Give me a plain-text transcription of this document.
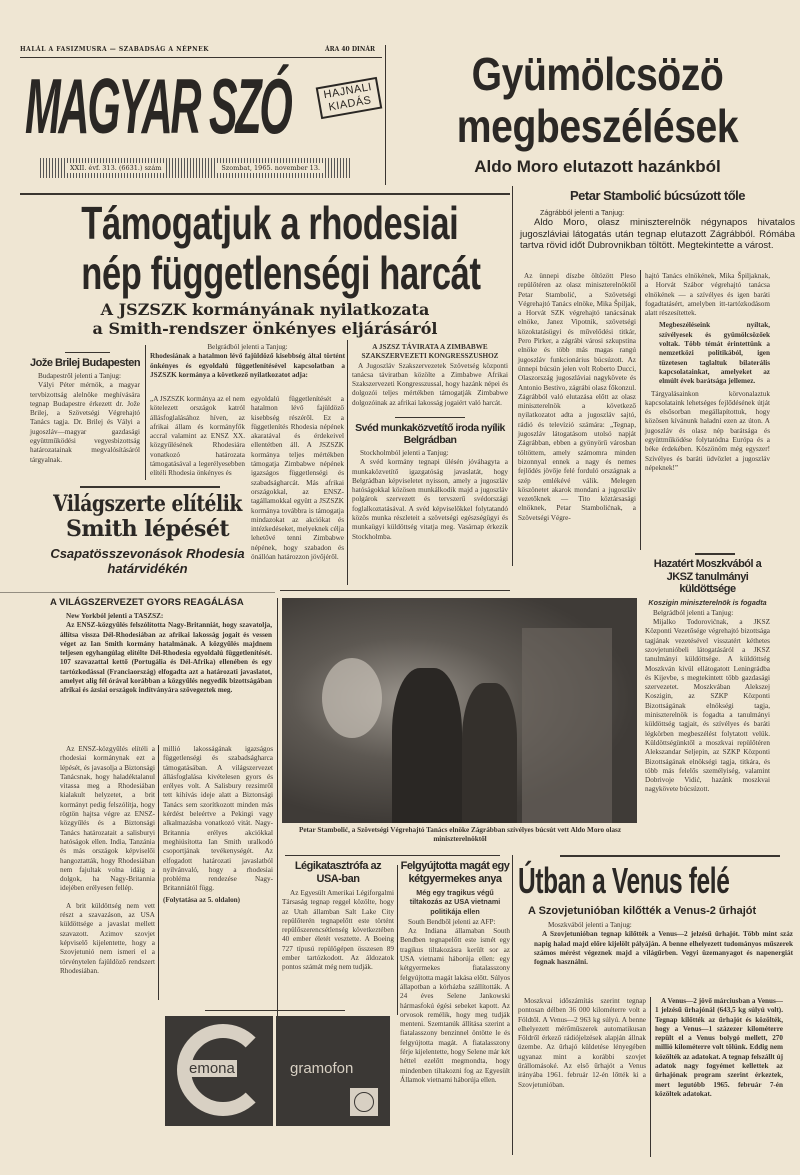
HALÁL A FASIZMUSRA — SZABADSÁG A NÉPNEK	ÁRA 40 DINÁR
MAGYAR SZÓ	HAJNALI KIADÁS
XXII. évf. 313. (6631.) szám	Szombat, 1965. november 13.
Gyümölcsözö
megbeszélések
Aldo Moro elutazott hazánkból
Támogatjuk a rhodesiai
nép függetlenségi harcát
A JSZSZK kormányának nyilatkozata
a Smith-rendszer önkényes eljárásáról
Jože Brilej Budapesten
Budapestről jelenti a Tanjug:
Vályi Péter mérnök, a magyar tervbizottság alelnöke meghívására tegnap Budapestre érkezett dr. Jože Brilej, a Szövetségi Végrehajtó Tanács tagja. Dr. Brilej és Vályi a jugoszláv—magyar gazdasági együttműködési vegyesbizottság határozatainak megvalósításáról tárgyalnak.
Belgrádból jelenti a Tanjug:
Rhodesiának a hatalmon lévő fajüldöző kisebbség által történt önkényes és egyoldalú függetlenítésével kapcsolatban a JSZSZK kormánya a következő nyilatkozatot adja:
„A JSZSZK kormánya az el nem kötelezett országok katról állásfoglalásához híven, az afrikai állam és kormányfők accral valamint az ENSZ XX. közgyűlésének Rhodesiára vonatkozó határozata támogatásával a legerélyesebben elítéli Rhodesia önkényes és
egyoldalú függetlenítését a hatalmon lévő fajüldöző kisebbség részéről. Ez a függetlenítés Rhodesia népének akaratával és érdekeivel ellentétben áll. A JSZSZK kormánya teljes mértékben támogatja Zimbabwe népének igazságos függetlenségi és szabadságharcát. Más afrikai országokkal, az ENSZ-tagállamokkal együtt a JSZSZK kormánya továbbra is támogatja mindazokat az akciókat és intézkedéseket, melyeknek célja lehetővé tenni Zimbabwe népének, hogy szabadon és önállóan határozzon jövőjéről.
A JSZSZ TÁVIRATA A ZIMBABWE SZAKSZERVEZETI KONGRESSZUSHOZ
A Jugoszláv Szakszervezetek Szövetség központi tanácsa táviratban közölte a Zimbabwe Afrikai Szakszervezeti Kongresszussal, hogy hazánk népei és dolgozói teljes mértékben támogatják Zimbabwe dolgozóinak az afrikai lakosság jogaiért való harcát.
Svéd munkaközvetítő iroda nyílik Belgrádban
Stockholmból jelenti a Tanjug:
A svéd kormány tegnapi ülésén jóváhagyta a munkaközvetítő igazgatóság javaslatát, hogy Belgrádban képviseletet nyisson, amely a jugoszláv hatóságokkal közösen munkálkodik majd a jugoszláv polgárok szervezett és tervszerű svédországi foglalkoztatásával. A svéd képviselőkkel folytatandó közös munka részleteit a szövetségi egészségügyi és munkaügyi küldöttség vitatja meg. Vasárnap érkezik Stockholmba.
Petar Stambolić búcsúzott tőle
Zágrábból jelenti a Tanjug:
Aldo Moro, olasz miniszterelnök négynapos hivatalos jugoszláviai látogatás után tegnap elutazott Zágrábból. Rómába tartva rövid időt Dubrovnikban töltött. Megtekintette a várost.
Az ünnepi díszbe öltözött Pleso repülőtéren az olasz miniszterelnöktől Petar Stambolić, a Szövetségi Végrehajtó Tanács elnöke, Mika Špiljak, a Horvát SZK végrehajtó tanácsának elnöke, Janez Vipotnik, szövetségi közoktatásügyi és művelődési titkár, Pero Pirker, a zágrábi városi szkupstina elnöke és több más magas rangú jugoszláv funkcionárius búcsúzott. Az ünnepi búcsún jelen volt Roberto Ducci, Olaszország jugoszláviai nagykövete és Antonio Bestivo, zágrábi olasz főkonzul. Zágrábból való elutazása előtt az olasz miniszterelnök a következő nyilatkozatot adta a jugoszláv sajtó, rádió és televízió számára: „Tegnap, jugoszláv látogatásom utolsó napját Zágrábban, ebben a gyönyörű városban töltöttem, amely számomra minden bizonnyal ennek a nagy és nemes fejlődés jövője felé forduló országnak a szép emlékévé válik. Melegen köszönetet akarok mondani a jugoszláv vezetőknek — Tito köztársasági elnöknek, Petar Stambolićnak, a Szövetségi Végre-
hajtó Tanács elnökének, Mika Špiljaknak, a Horvát Szábor végrehajtó tanácsa elnökének — a szívélyes és igen baráti fogadtatásért, amelyben itt-tartózkodásom alatt részesítettek.
Megbeszéléseink nyíltak, szívélyesek és gyümölcsözőek voltak. Több témát érintettünk a nemzetközi politikából, igen tüzetesen taglaltuk bilaterális kapcsolatainkat, amelyeket az elmúlt évek barátsága jellemez.
Tárgyalásainkon körvonalaztuk kapcsolataink lehetséges fejlődésének útját és elsősorban megállapítottuk, hogy közösen kívánunk haladni ezen az úton. A jugoszláv és olasz nép barátsága és együttműködése folytatódna Európa és a béke érdekében. Köszönöm még egyszer! Szívélyes és baráti üdvözlet a jugoszláv népeknek!”
Hazatért Moszkvából a JKSZ tanulmányi küldöttsége
Koszigin miniszterelnök is fogadta
Belgrádból jelenti a Tanjug:
Mijalko Todorovićnak, a JKSZ Központi Vezetősége végrehajtó bizottsága tagjának vezetésével visszatért kéthetes szovjetunióbeli látogatásáról a JKSZ tanulmányi küldöttsége. A küldöttség Moszkván kívül ellátogatott Leningrádba és Kijevbe, s megtekintett több gazdasági szervezetet. Moszkvában Alekszej Koszigin, az SZKP Központi Bizottságának elnökségi tagja, miniszterelnök is fogadta a tanulmányi küldöttség tagjait, és szívélyes és baráti légkörben megbeszélést folytatott velük. Küldöttségünktől a moszkvai repülőtéren Alekszandar Seljepin, az SZKP Központi Bizottságának elnökségi tagja, titkára, és több más felelős személyiség, valamint Dobrivoje Vidić, hazánk moszkvai nagykövete búcsúzott.
Világszerte elítélik
Smith lépését
Csapatösszevonások Rhodesia
határvidékén
A VILÁGSZERVEZET GYORS REAGÁLÁSA
New Yorkból jelenti a TASZSZ:
Az ENSZ-közgyűlés felszólította Nagy-Britanniát, hogy szavatolja, állítsa vissza Dél-Rhodesiában az afrikai lakosság jogait és vessen véget az Ian Smith kormány hatalmának. A közgyűlés majdnem teljesen egyhangúlag elítélte Dél-Rhodesia egyoldalú függetlenítését. 107 szavazattal kettő (Portugália és Dél-Afrika) ellenében és egy tartózkodással (Franciaország) elfogadta azt a határozati javaslatot, amelyet alig fél órával korábban a közgyűlés negyedik bizottságában afrikai és ázsiai országok indítványára szövegeztek meg.
Az ENSZ-közgyűlés elítéli a rhodesiai kormánynak ezt a lépését, és javasolja a Biztonsági Tanácsnak, hogy haladéktalanul vitassa meg a Rhodesiában kialakult helyzetet, a brit kormányt pedig felszólítja, hogy rögtön hajtsa végre az ENSZ-közgyűlés és a Biztonsági Tanács határozatait a salisburyi hatóságok ellen. India, Tanzánia és más országok képviselői hangoztatták, hogy Rhodesiában nem fajultak volna idáig a dolgok, ha Nagy-Britannia idejében erélyesen fellép.
A brit küldöttség nem vett részt a szavazáson, az USA küldöttsége a javaslat mellett szavazott. Azimov szovjet képviselő kijelentette, hogy a Szovjetunió nem ismeri el a törvénytelen fajüldöző rendszert Rhodesiában.
millió lakosságának igazságos függetlenségi és szabadságharca támogatásában. A világszervezet állásfoglalása kivételesen gyors és erélyes volt. A Salisbury rezsimről tett kihívás ideje alatt a Biztonsági Tanács sem szorítkozott minden más kérdést beleértve a Pekingi vagy alkalmazásba vonatkozó vitát. Nagy-Britannia erélyes akciókkal meghiúsította Ian Smith uralkodó csoportjának tevékenységét. Az elfogadott határozati javaslatból nyilvánvaló, hogy a rhodesiai probléma rendezése Nagy-Britanniától függ.
(Folytatása az 5. oldalon)
Petar Stambolić, a Szövetségi Végrehajtó Tanács elnöke Zágrábban szívélyes búcsút vett Aldo Moro olasz miniszterelnöktől
Légikatasztrófa az USA-ban
Az Egyesült Amerikai Légiforgalmi Társaság tegnap reggel közölte, hogy az Utah államban Salt Lake City repülőterén tegnapelőtt este történt repülőszerencsétlenség következtében 40 ember életét vesztette. A Boeing 727 típusú repülőgépen összesen 89 ember tartózkodott. Az áldozatok pontos számát még nem tudják.
Felgyújtotta magát egy kétgyermekes anya
Még egy tragikus végű tiltakozás az USA vietnami politikája ellen
South Bendből jelenti az AFP:
Az Indiana államaban South Bendben tegnapelőtt este ismét egy tragikus tiltakozásra került sor az USA vietnami háborúja ellen: egy kétgyermekes fiatalasszony felgyújtotta magát lakása előtt. Súlyos állapotban a kórházba szállították. A 24 éves Selene Jankowski hármasfokú égési sebeket kapott. Az orvosok remélik, hogy meg tudják menteni. Szemtanúk állítása szerint a fiatalasszony benzinnel öntötte le és felgyújtotta magát. A fiatalasszony férje kijelentette, hogy Selene már két héttel ezelőtt megmondta, hogy mindenben tiltakozni fog az Egyesült Államok vietnami háborúja ellen.
Útban a Venus felé
A Szovjetunióban kilőtték a Venus-2 űrhajót
Moszkvából jelenti a Tanjug:
A Szovjetunióban tegnap kilőtték a Venus—2 jelzésű űrhajót. Több mint száz napig halad majd előre kijelölt pályáján. A benne elhelyezett tudományos műszerek számos mérést végeznek majd a világűrben. Vegyi üzemanyagot és napenergiát fognak használni.
Moszkvai időszámítás szerint tegnap pontosan délben 36 000 kilométerre volt a Földtől. A Venus—2 963 kg súlyú. A benne elhelyezett mérőműszerek automatikusan Földről érkező rádiójelzések alapján állnak üzembe. Az űrhajó küldetése lényegében ugyanaz mint a korábbi szovjet űrállomásoké. Az első űrhajót a Venus irányába 1961. február 12-én lőtték ki a Szovjetunióban.
A Venus—2 jövő márciusban a Venus—1 jelzésű űrhajónál (643,5 kg súlyú volt). Tegnap kilőtték az űrhajót és közölték, hogy a Venus—1 százezer kilométerre repült el a Venus bolygó mellett, 270 millió kilométerre volt tőlünk. Eddig nem közölték az adatokat. A tegnap felszállt új adatok nagy fogyémet kellettek az űrhajónak program szerint érkeztek, mert legutóbb 1965. február 7-én közöltek adatokat.
emona	gramofon
